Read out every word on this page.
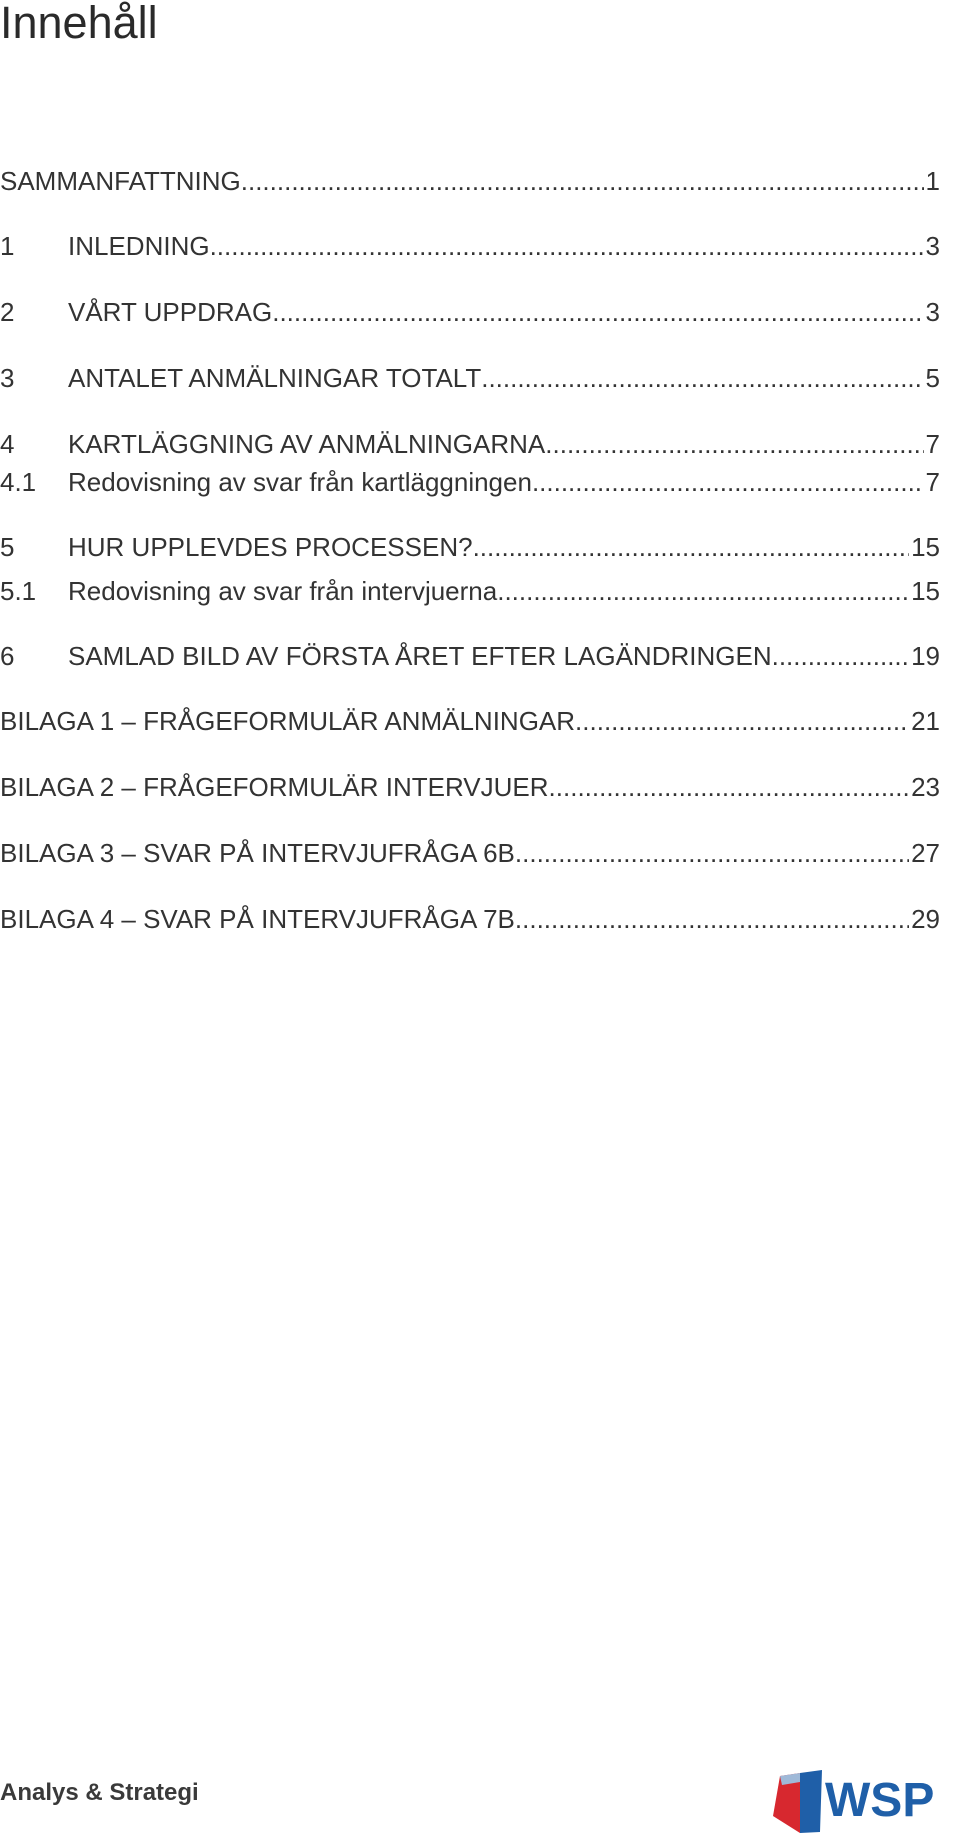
Innehåll
SAMMANFATTNING .....	1
1	INLEDNING .....	3
2	VÅRT UPPDRAG .....	3
3	ANTALET ANMÄLNINGAR TOTALT .....	5
4	KARTLÄGGNING AV ANMÄLNINGARNA .....	7
4.1	Redovisning av svar från kartläggningen .....	7
5	HUR UPPLEVDES PROCESSEN? .....	15
5.1	Redovisning av svar från intervjuerna .....	15
6	SAMLAD BILD AV FÖRSTA ÅRET EFTER LAGÄNDRINGEN .....	19
BILAGA 1 – FRÅGEFORMULÄR ANMÄLNINGAR .....	21
BILAGA 2 – FRÅGEFORMULÄR INTERVJUER .....	23
BILAGA 3 – SVAR PÅ INTERVJUFRÅGA 6B .....	27
BILAGA 4 – SVAR PÅ INTERVJUFRÅGA 7B .....	29
Analys & Strategi	WSP
